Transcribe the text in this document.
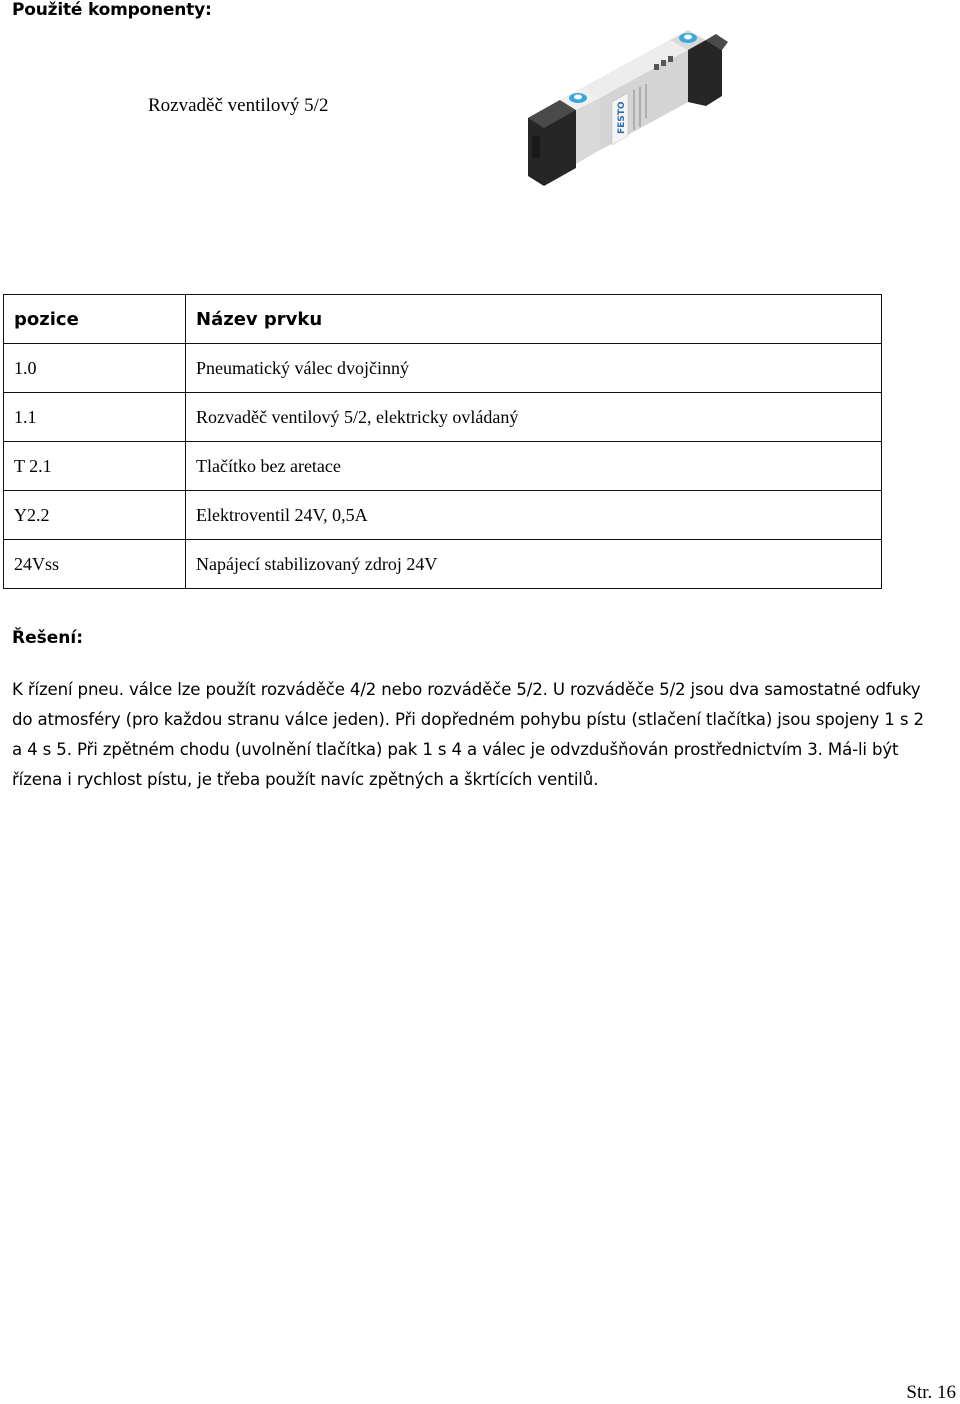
Použité komponenty:
Rozvaděč ventilový 5/2	FESTO
pozice	Název prvku
1.0	Pneumatický válec dvojčinný
1.1	Rozvaděč ventilový 5/2, elektricky ovládaný
T 2.1	Tlačítko bez aretace
Y2.2	Elektroventil 24V, 0,5A
24Vss	Napájecí stabilizovaný zdroj 24V
Řešení:
K řízení pneu. válce lze použít rozváděče 4/2 nebo rozváděče 5/2. U rozváděče 5/2 jsou dva samostatné odfuky
do atmosféry (pro každou stranu válce jeden). Při dopředném pohybu pístu (stlačení tlačítka) jsou spojeny 1 s 2
a 4 s 5. Při zpětném chodu (uvolnění tlačítka) pak 1 s 4 a válec je odvzdušňován prostřednictvím 3. Má-li být
řízena i rychlost pístu, je třeba použít navíc zpětných a škrtících ventilů.
Str. 16
